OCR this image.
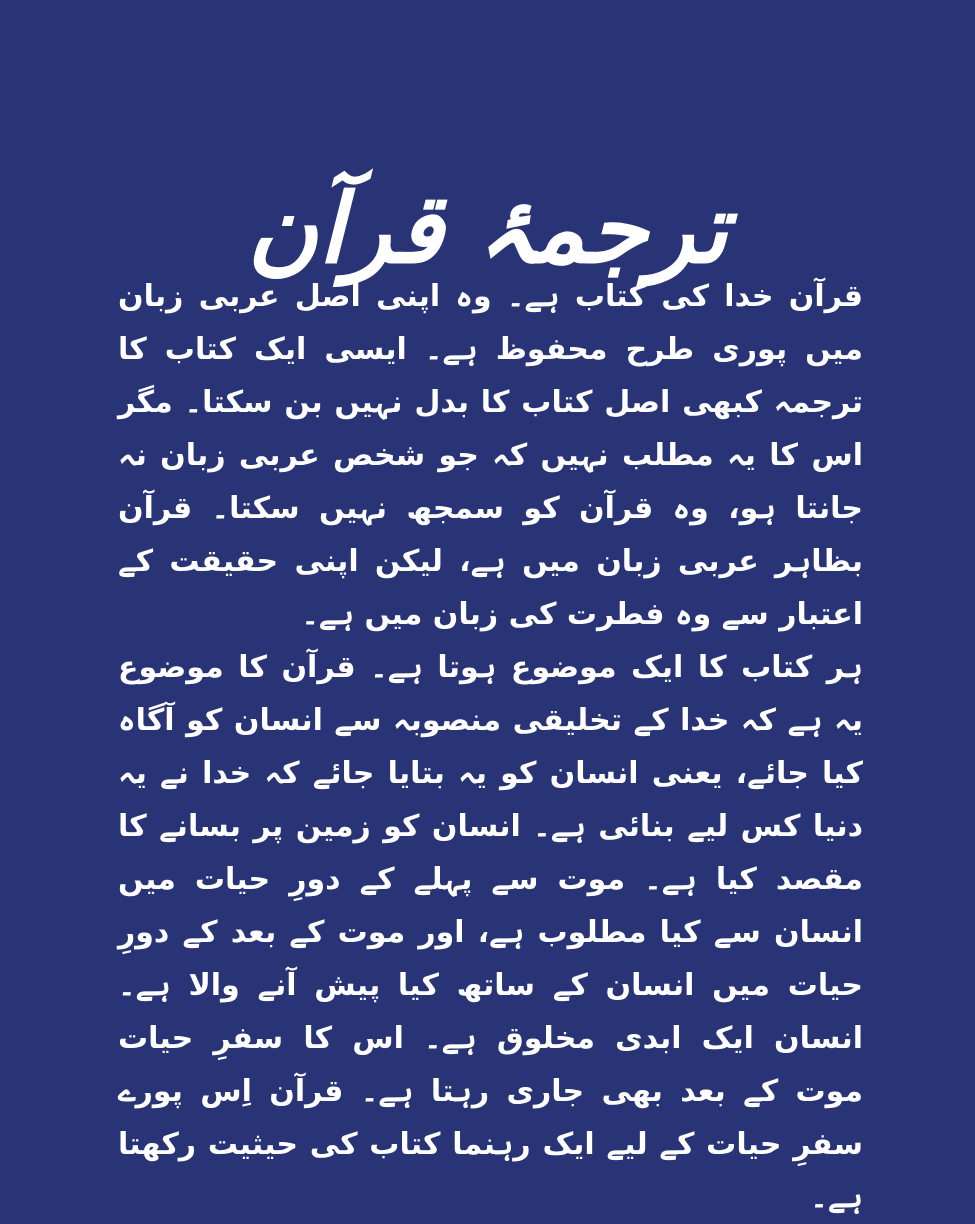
ترجمۂ قرآن

قرآن خدا کی کتاب ہے۔ وہ اپنی اصل عربی زبان میں پوری طرح محفوظ ہے۔ ایسی ایک کتاب کا ترجمہ کبھی اصل کتاب کا بدل نہیں بن سکتا۔ مگر اس کا یہ مطلب نہیں کہ جو شخص عربی زبان نہ جانتا ہو، وہ قرآن کو سمجھ نہیں سکتا۔ قرآن بظاہر عربی زبان میں ہے، لیکن اپنی حقیقت کے اعتبار سے وہ فطرت کی زبان میں ہے۔

ہر کتاب کا ایک موضوع ہوتا ہے۔ قرآن کا موضوع یہ ہے کہ خدا کے تخلیقی منصوبہ سے انسان کو آگاہ کیا جائے، یعنی انسان کو یہ بتایا جائے کہ خدا نے یہ دنیا کس لیے بنائی ہے۔ انسان کو زمین پر بسانے کا مقصد کیا ہے۔ موت سے پہلے کے دورِ حیات میں انسان سے کیا مطلوب ہے، اور موت کے بعد کے دورِ حیات میں انسان کے ساتھ کیا پیش آنے والا ہے۔ انسان ایک ابدی مخلوق ہے۔ اس کا سفرِ حیات موت کے بعد بھی جاری رہتا ہے۔ قرآن اِس پورے سفرِ حیات کے لیے ایک رہنما کتاب کی حیثیت رکھتا ہے۔
